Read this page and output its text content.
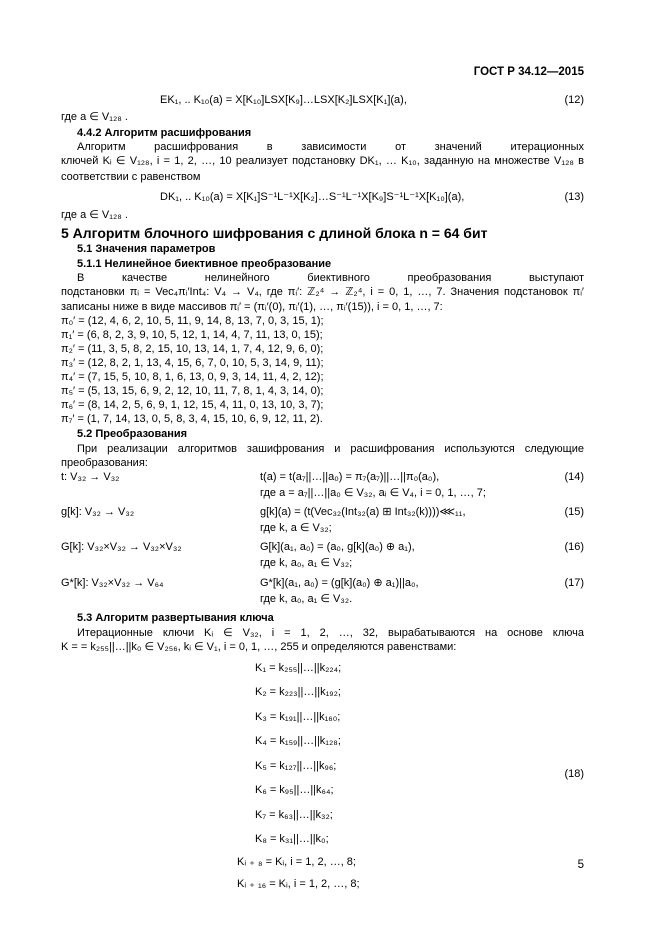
ГОСТ Р 34.12—2015
EK₁, .. K₁₀(a) = X[K₁₀]LSX[K₉]…LSX[K₂]LSX[K₁](a),	(12)
где a ∈ V₁₂₈ .
4.4.2 Алгоритм расшифрования
Алгоритм расшифрования в зависимости от значений итерационных
ключей Kᵢ ∈ V₁₂₈, i = 1, 2, …, 10 реализует подстановку DK₁, … K₁₀, заданную на множестве V₁₂₈ в
соответствии с равенством
DK₁, .. K₁₀(a) = X[K₁]S⁻¹L⁻¹X[K₂]…S⁻¹L⁻¹X[K₉]S⁻¹L⁻¹X[K₁₀](a),	(13)
где a ∈ V₁₂₈ .
5 Алгоритм блочного шифрования с длиной блока n = 64 бит
5.1 Значения параметров
5.1.1 Нелинейное биективное преобразование
В качестве нелинейного биективного преобразования выступают
подстановки πᵢ = Vec₄πᵢ′Int₄: V₄ → V₄, где πᵢ′: ℤ₂⁴ → ℤ₂⁴, i = 0, 1, …, 7. Значения подстановок πᵢ′
записаны ниже в виде массивов πᵢ′ = (πᵢ′(0), πᵢ′(1), …, πᵢ′(15)), i = 0, 1, …, 7:
π₀′ = (12, 4, 6, 2, 10, 5, 11, 9, 14, 8, 13, 7, 0, 3, 15, 1);
π₁′ = (6, 8, 2, 3, 9, 10, 5, 12, 1, 14, 4, 7, 11, 13, 0, 15);
π₂′ = (11, 3, 5, 8, 2, 15, 10, 13, 14, 1, 7, 4, 12, 9, 6, 0);
π₃′ = (12, 8, 2, 1, 13, 4, 15, 6, 7, 0, 10, 5, 3, 14, 9, 11);
π₄′ = (7, 15, 5, 10, 8, 1, 6, 13, 0, 9, 3, 14, 11, 4, 2, 12);
π₅′ = (5, 13, 15, 6, 9, 2, 12, 10, 11, 7, 8, 1, 4, 3, 14, 0);
π₆′ = (8, 14, 2, 5, 6, 9, 1, 12, 15, 4, 11, 0, 13, 10, 3, 7);
π₇′ = (1, 7, 14, 13, 0, 5, 8, 3, 4, 15, 10, 6, 9, 12, 11, 2).
5.2 Преобразования
При реализации алгоритмов зашифрования и расшифрования используются следующие
преобразования:
t: V₃₂ → V₃₂	t(a) = t(a₇||…||a₀) = π₇(a₇)||…||π₀(a₀),	(14)
где a = a₇||…||a₀ ∈ V₃₂, aᵢ ∈ V₄, i = 0, 1, …, 7;
g[k]: V₃₂ → V₃₂	g[k](a) = (t(Vec₃₂(Int₃₂(a) ⊞ Int₃₂(k))))⋘₁₁,	(15)
где k, a ∈ V₃₂;
G[k]: V₃₂×V₃₂ → V₃₂×V₃₂	G[k](a₁, a₀) = (a₀, g[k](a₀) ⊕ a₁),	(16)
где k, a₀, a₁ ∈ V₃₂;
G*[k]: V₃₂×V₃₂ → V₆₄	G*[k](a₁, a₀) = (g[k](a₀) ⊕ a₁)||a₀,	(17)
где k, a₀, a₁ ∈ V₃₂.
5.3 Алгоритм развертывания ключа
Итерационные ключи Kᵢ ∈ V₃₂, i = 1, 2, …, 32, вырабатываются на основе ключа
K = = k₂₅₅||…||k₀ ∈ V₂₅₆, kᵢ ∈ V₁, i = 0, 1, …, 255 и определяются равенствами:
K₁ = k₂₅₅||…||k₂₂₄;
K₂ = k₂₂₃||…||k₁₉₂;
K₃ = k₁₉₁||…||k₁₆₀;
K₄ = k₁₅₉||…||k₁₂₈;
K₅ = k₁₂₇||…||k₉₆;
K₆ = k₉₅||…||k₆₄;
K₇ = k₆₃||…||k₃₂;
K₈ = k₃₁||…||k₀;
Kᵢ ₊ ₈ = Kᵢ, i = 1, 2, …, 8;
Kᵢ ₊ ₁₆ = Kᵢ, i = 1, 2, …, 8;
(18)
5
